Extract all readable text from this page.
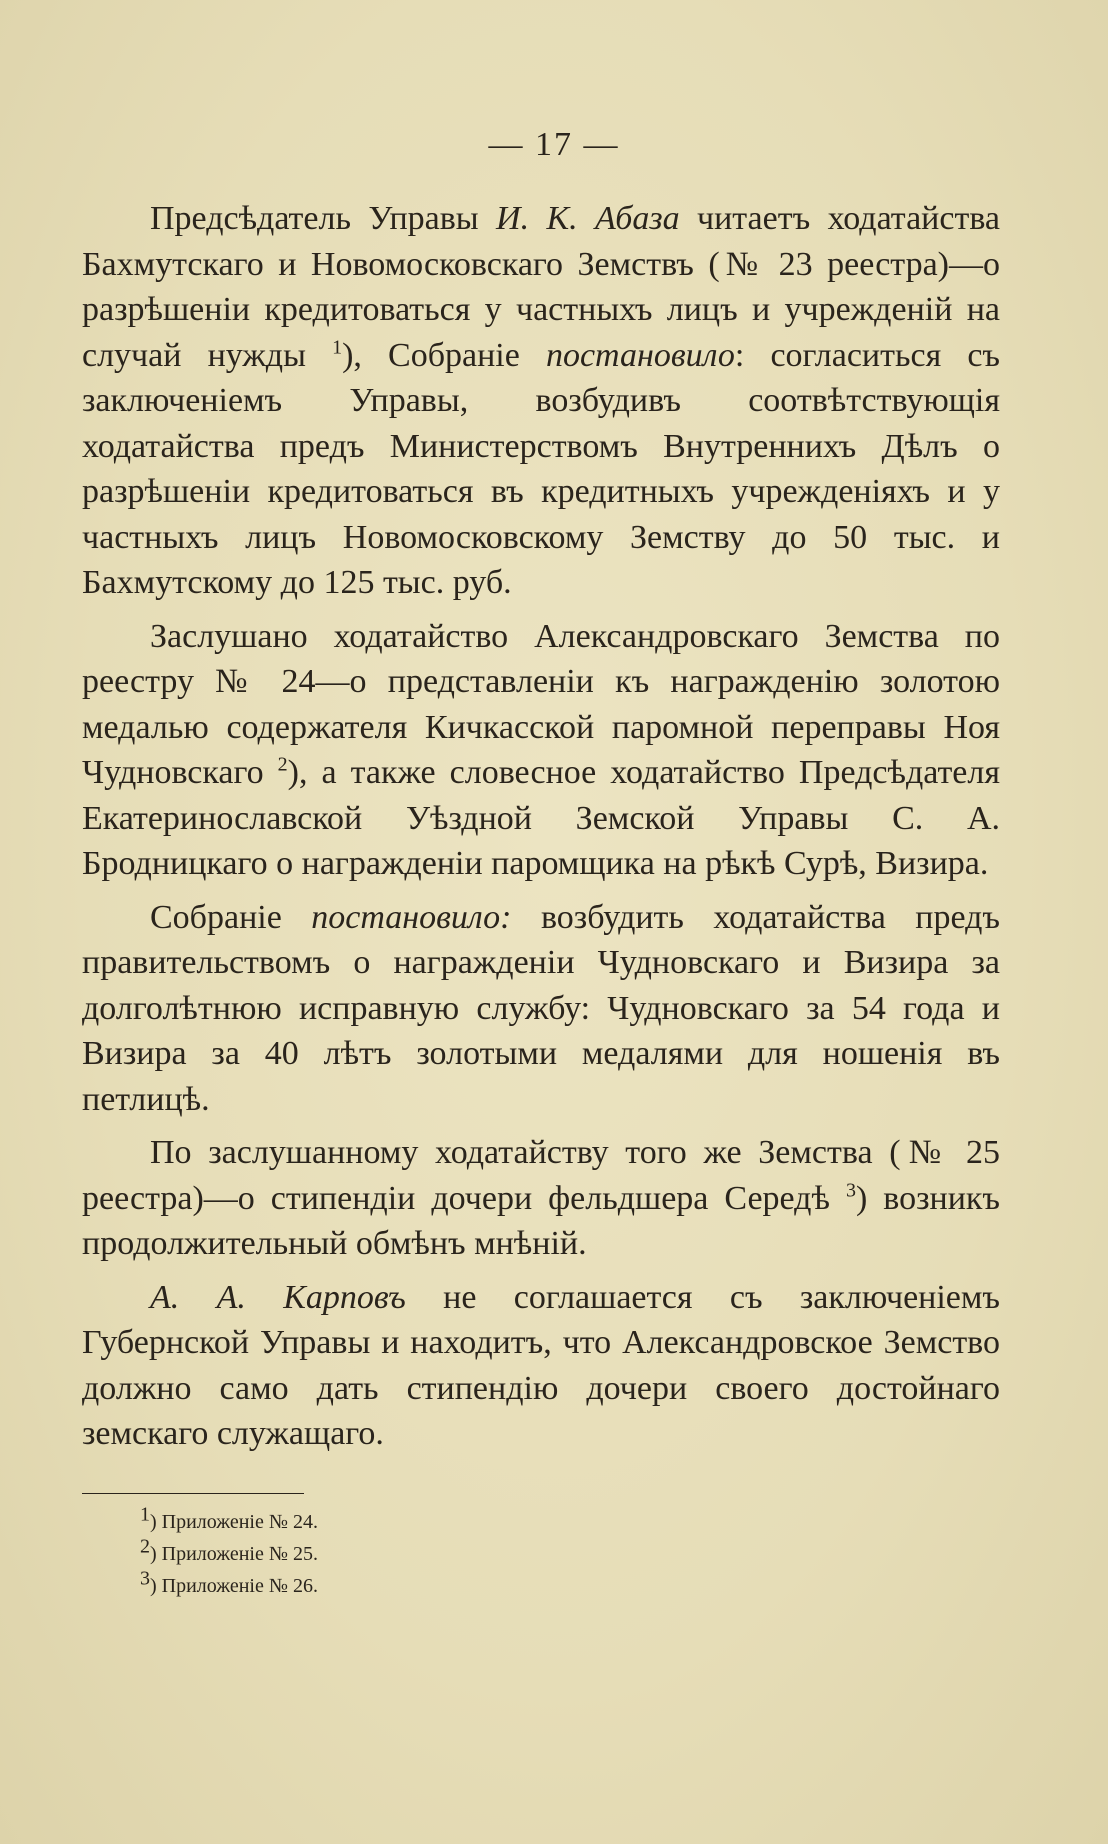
— 17 —

Предсѣдатель Управы И. К. Абаза читаетъ ходатайства Бахмутскаго и Новомосковскаго Земствъ (№ 23 реестра)—о разрѣшеніи кредитоваться у частныхъ лицъ и учрежденій на случай нужды $^1$), Собраніе постановило: согласиться съ заключеніемъ Управы, возбудивъ соотвѣтствующія ходатайства предъ Министерствомъ Внутреннихъ Дѣлъ о разрѣшеніи кредитоваться въ кредитныхъ учрежденіяхъ и у частныхъ лицъ Новомосковскому Земству до 50 тыс. и Бахмутскому до 125 тыс. руб.

Заслушано ходатайство Александровскаго Земства по реестру № 24—о представленіи къ награжденію золотою медалью содержателя Кичкасской паромной переправы Ноя Чудновскаго $^2$), а также словесное ходатайство Предсѣдателя Екатеринославской Уѣздной Земской Управы С. А. Бродницкаго о награжденіи паромщика на рѣкѣ Сурѣ, Визира.

Собраніе постановило: возбудить ходатайства предъ правительствомъ о награжденіи Чудновскаго и Визира за долголѣтнюю исправную службу: Чудновскаго за 54 года и Визира за 40 лѣтъ золотыми медалями для ношенія въ петлицѣ.

По заслушанному ходатайству того же Земства (№ 25 реестра)—о стипендіи дочери фельдшера Середѣ $^3$) возникъ продолжительный обмѣнъ мнѣній.

А. А. Карповъ не соглашается съ заключеніемъ Губернской Управы и находитъ, что Александровское Земство должно само дать стипендію дочери своего достойнаго земскаго служащаго.

$^1$) Приложеніе № 24.

$^2$) Приложеніе № 25.

$^3$) Приложеніе № 26.
